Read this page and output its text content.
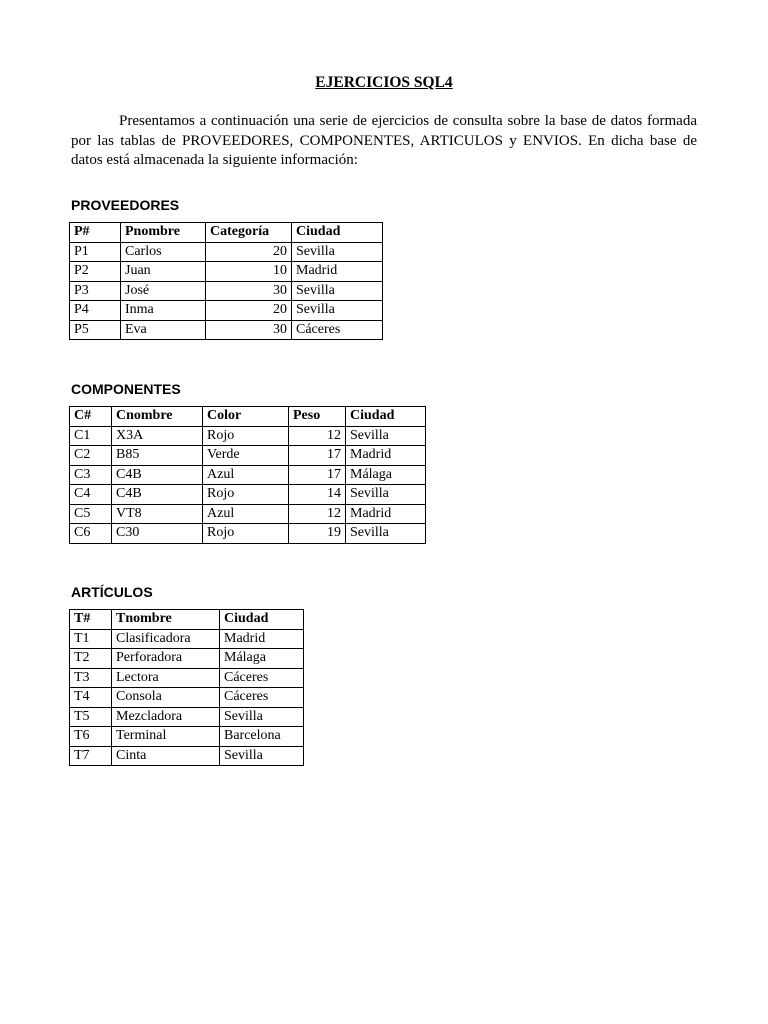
EJERCICIOS SQL4

Presentamos a continuación una serie de ejercicios de consulta sobre la base de datos formada por las tablas de PROVEEDORES, COMPONENTES, ARTICULOS y ENVIOS. En dicha base de datos está almacenada la siguiente información:

PROVEEDORES
P#	Pnombre	Categoría	Ciudad
P1	Carlos	20	Sevilla
P2	Juan	10	Madrid
P3	José	30	Sevilla
P4	Inma	20	Sevilla
P5	Eva	30	Cáceres
COMPONENTES
C#	Cnombre	Color	Peso	Ciudad
C1	X3A	Rojo	12	Sevilla
C2	B85	Verde	17	Madrid
C3	C4B	Azul	17	Málaga
C4	C4B	Rojo	14	Sevilla
C5	VT8	Azul	12	Madrid
C6	C30	Rojo	19	Sevilla
ARTÍCULOS
T#	Tnombre	Ciudad
T1	Clasificadora	Madrid
T2	Perforadora	Málaga
T3	Lectora	Cáceres
T4	Consola	Cáceres
T5	Mezcladora	Sevilla
T6	Terminal	Barcelona
T7	Cinta	Sevilla
